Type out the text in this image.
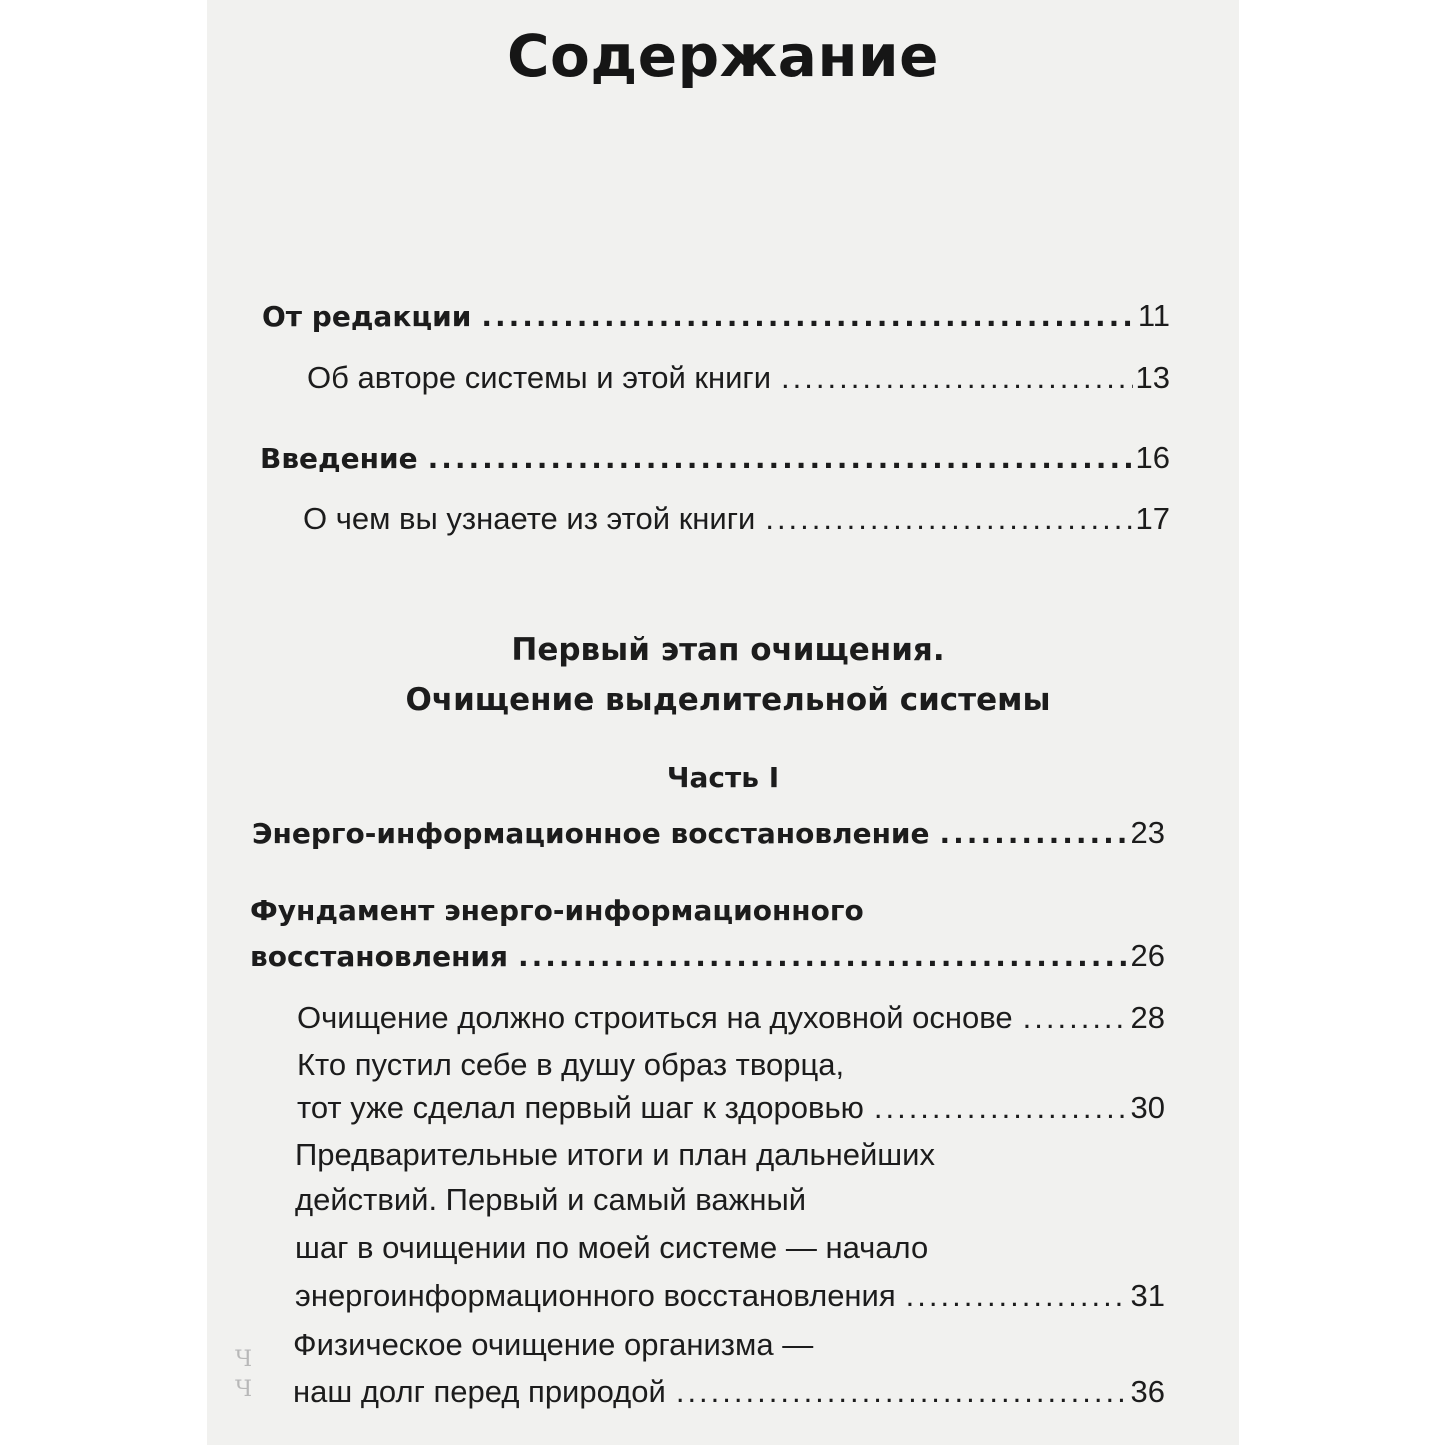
Содержание
От редакции .....	11
Об авторе системы и этой книги .....	13
Введение .....	16
О чем вы узнаете из этой книги .....	17
Первый этап очищения.
Очищение выделительной системы
Часть I
Энерго-информационное восстановление .....	23
Фундамент энерго-информационного
восстановления .....	26
Очищение должно строиться на духовной основе .....	28
Кто пустил себе в душу образ творца,
тот уже сделал первый шаг к здоровью .....	30
Предварительные итоги и план дальнейших
действий. Первый и самый важный
шаг в очищении по моей системе — начало
энергоинформационного восстановления .....	31
Физическое очищение организма —
наш долг перед природой .....	36
Ч
Ч
